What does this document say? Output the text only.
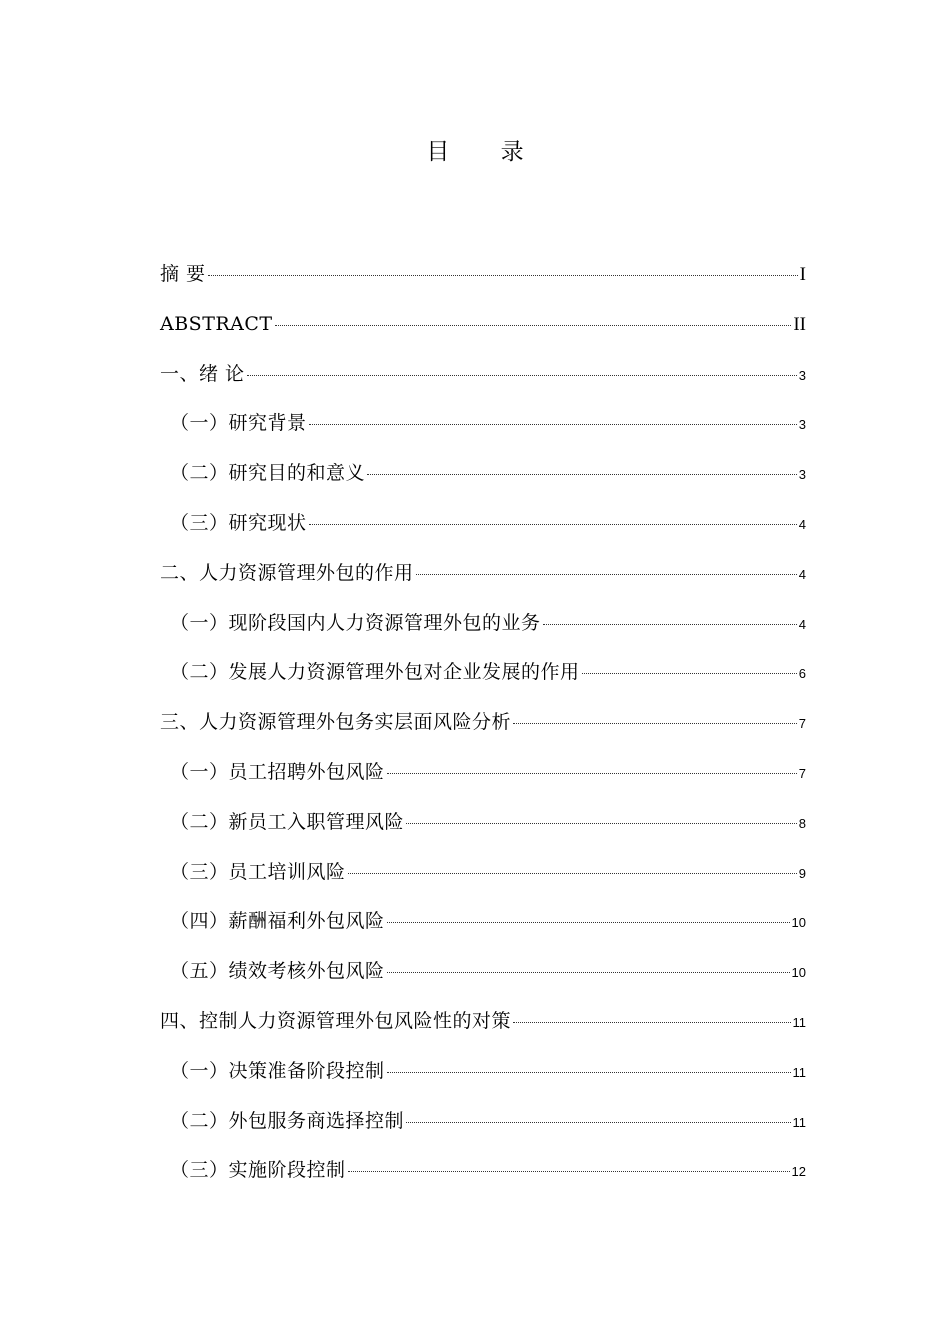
目 录
摘 要	I
ABSTRACT	II
一、绪 论	3
（一）研究背景	3
（二）研究目的和意义	3
（三）研究现状	4
二、人力资源管理外包的作用	4
（一）现阶段国内人力资源管理外包的业务	4
（二）发展人力资源管理外包对企业发展的作用	6
三、人力资源管理外包务实层面风险分析	7
（一）员工招聘外包风险	7
（二）新员工入职管理风险	8
（三）员工培训风险	9
（四）薪酬福利外包风险	10
（五）绩效考核外包风险	10
四、控制人力资源管理外包风险性的对策	11
（一）决策准备阶段控制	11
（二）外包服务商选择控制	11
（三）实施阶段控制	12
